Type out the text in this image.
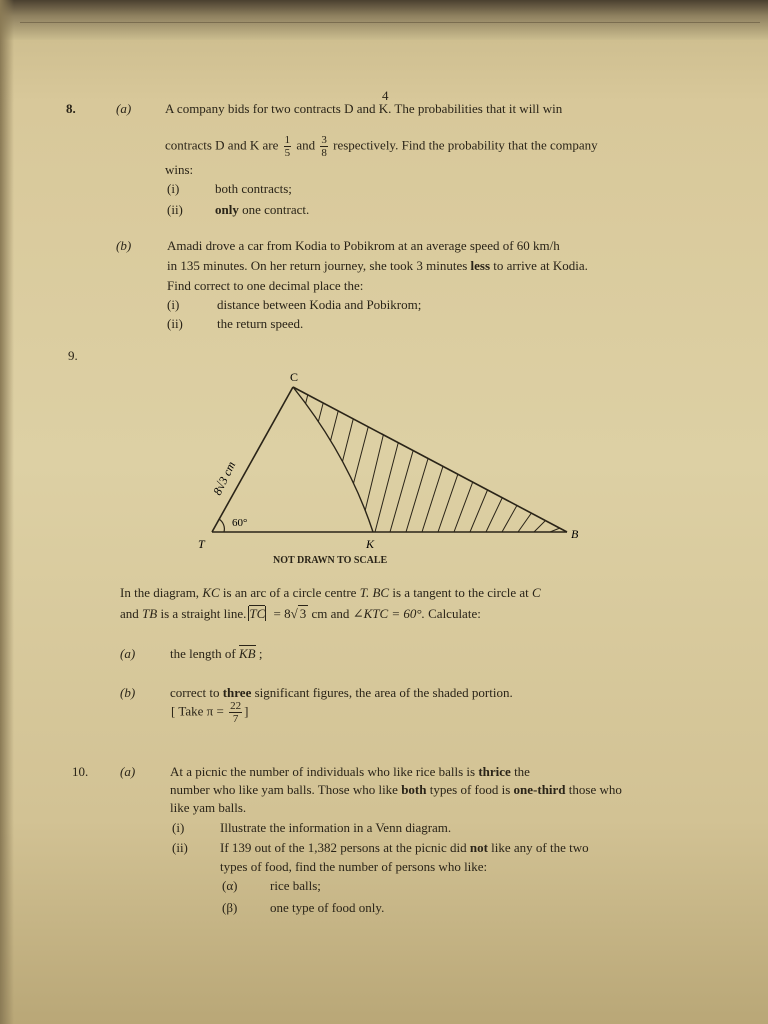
4
8.	(a)	A company bids for two contracts D and K. The probabilities that it will win
contracts D and K are $\frac{1}{5}$ and $\frac{3}{8}$ respectively. Find the probability that the company
wins:
(i)	both contracts;
(ii) only one contract.
(b)	Amadi drove a car from Kodia to Pobikrom at an average speed of 60 km/h
in 135 minutes. On her return journey, she took 3 minutes less to arrive at Kodia.
Find correct to one decimal place the:
(i)	distance between Kodia and Pobikrom;
(ii)	the return speed.
9.
C
T	K
B
60°
8√3 cm
NOT DRAWN TO SCALE
In the diagram, KC is an arc of a circle centre T. BC is a tangent to the circle at C
and TB is a straight line. TC = 8√ 3 cm and ∠KTC = 60°. Calculate:
(a)	the length of KB ;
(b)	correct to three significant figures, the area of the shaded portion.
[ Take $\pi = \frac{22}{7}$ ]
10. (a)	At a picnic the number of individuals who like rice balls is thrice the
number who like yam balls. Those who like both types of food is one-third those who
like yam balls.
(i)	Illustrate the information in a Venn diagram.
(ii) If 139 out of the 1,382 persons at the picnic did not like any of the two
types of food, find the number of persons who like:
(α)	rice balls;
(β)	one type of food only.
